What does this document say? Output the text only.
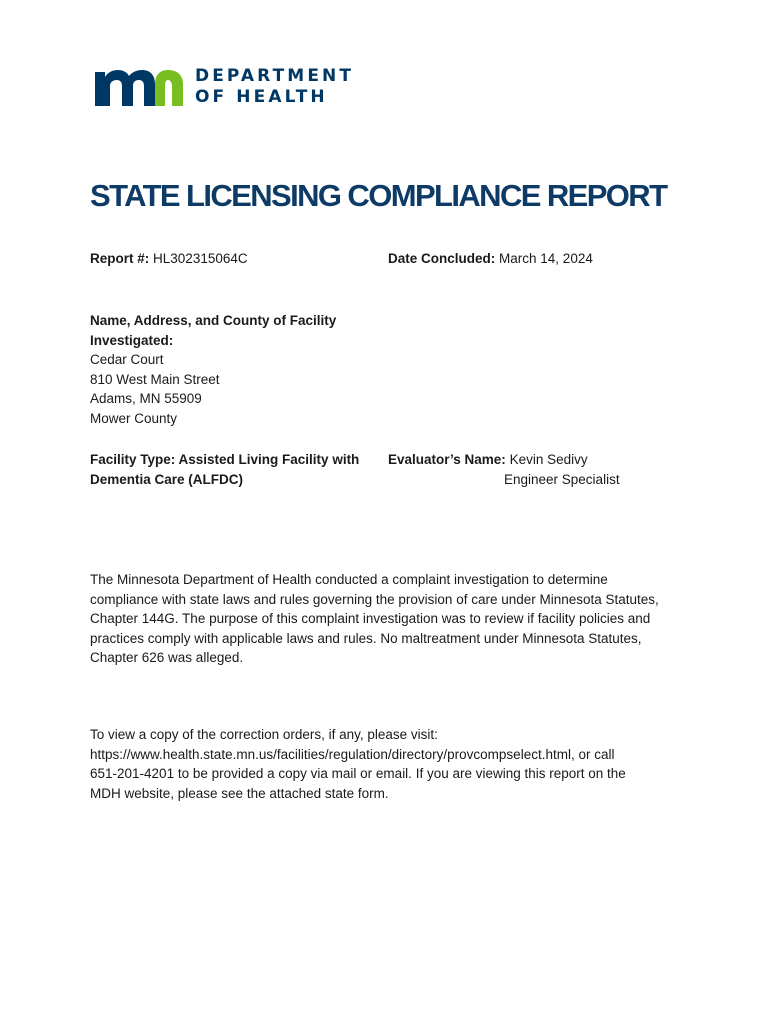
DEPARTMENT
OF HEALTH
STATE LICENSING COMPLIANCE REPORT
Report #: HL302315064C	Date Concluded: March 14, 2024
Name, Address, and County of Facility
Investigated:
Cedar Court
810 West Main Street
Adams, MN 55909
Mower County
Facility Type: Assisted Living Facility with
Dementia Care (ALFDC)
Evaluator’s Name: Kevin Sedivy
Engineer Specialist
The Minnesota Department of Health conducted a complaint investigation to determine
compliance with state laws and rules governing the provision of care under Minnesota Statutes,
Chapter 144G. The purpose of this complaint investigation was to review if facility policies and
practices comply with applicable laws and rules. No maltreatment under Minnesota Statutes,
Chapter 626 was alleged.
To view a copy of the correction orders, if any, please visit:
https://www.health.state.mn.us/facilities/regulation/directory/provcompselect.html, or call
651-201-4201 to be provided a copy via mail or email. If you are viewing this report on the
MDH website, please see the attached state form.
